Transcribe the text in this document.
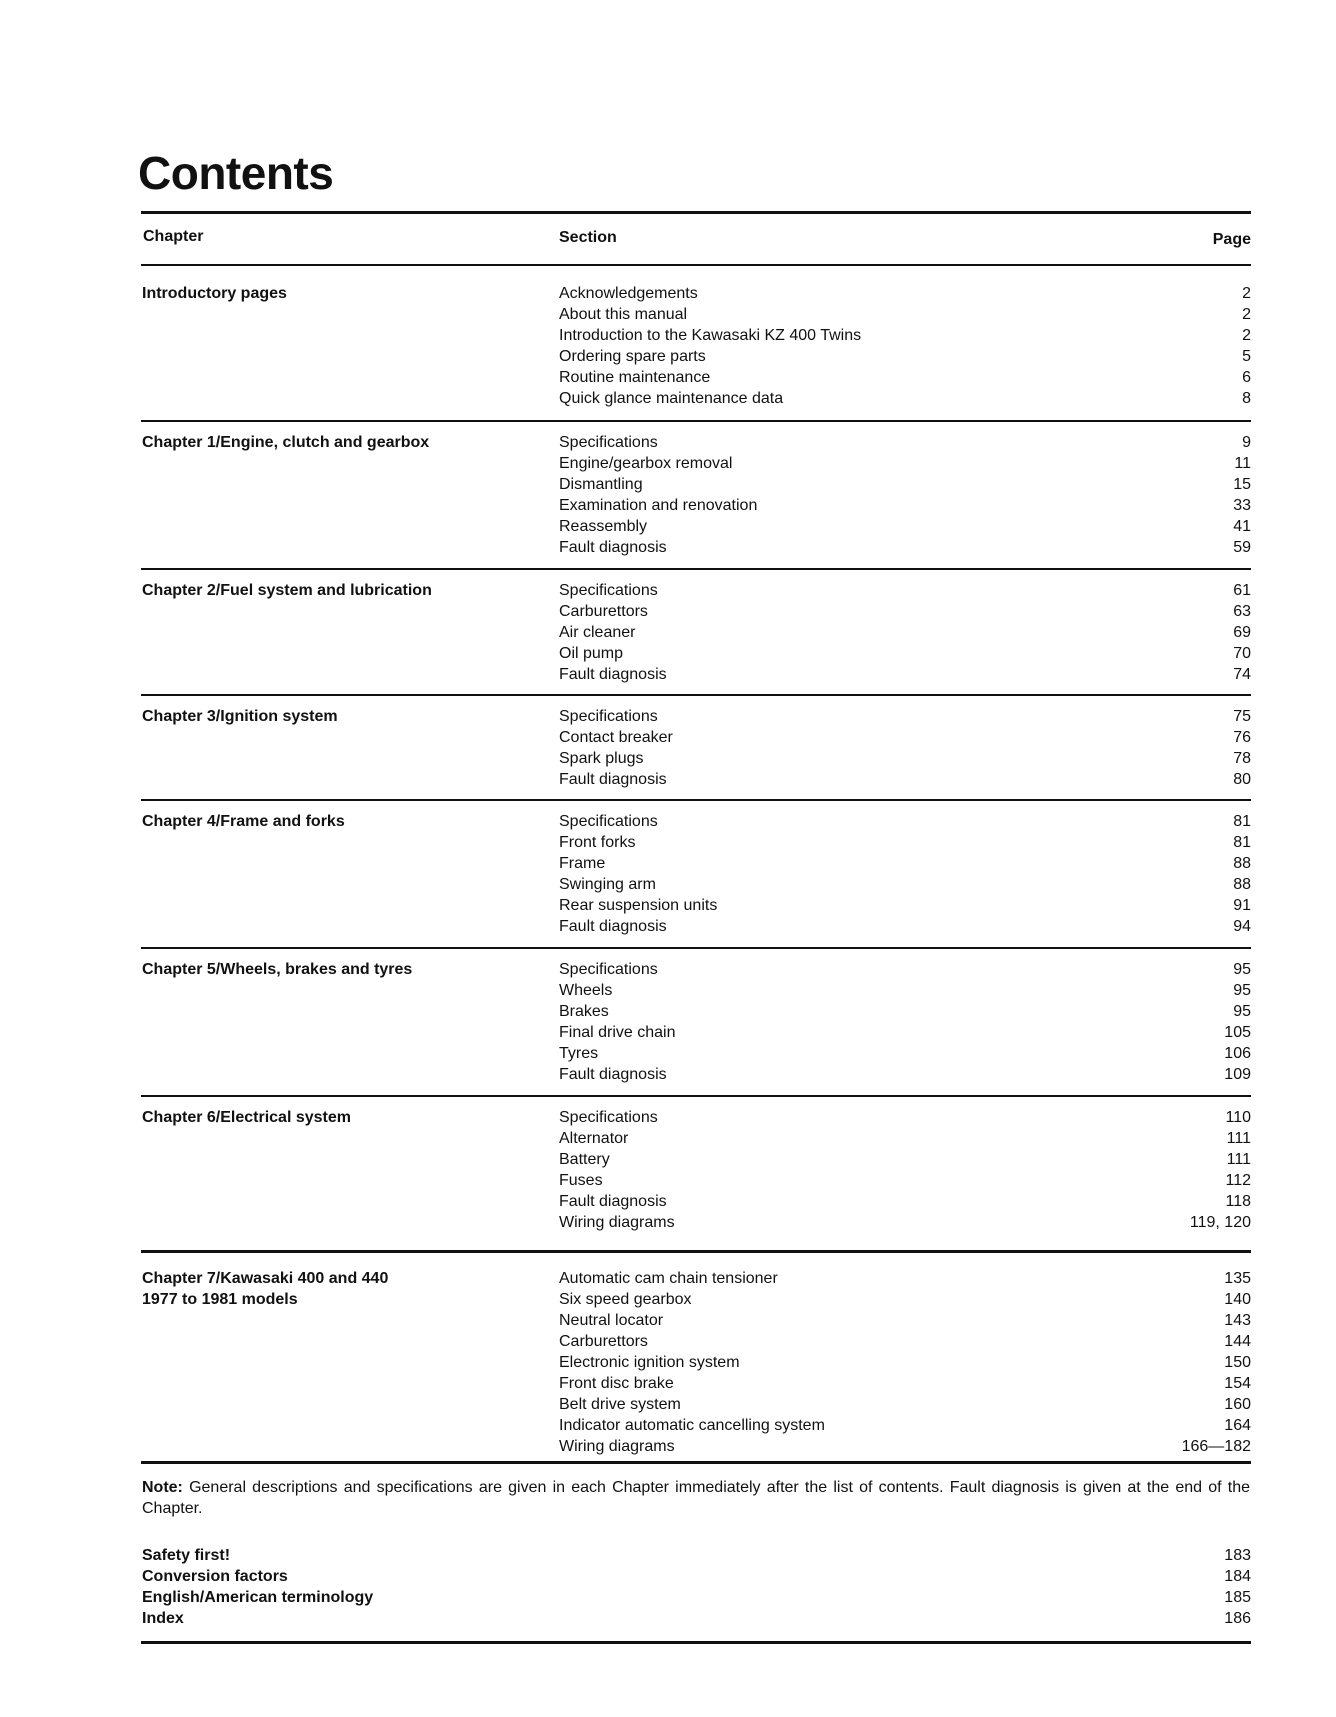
Contents
Chapter	Section	Page
Introductory pages	Acknowledgements	2
About this manual	2
Introduction to the Kawasaki KZ 400 Twins	2
Ordering spare parts	5
Routine maintenance	6
Quick glance maintenance data	8
Chapter 1/Engine, clutch and gearbox	Specifications	9
Engine/gearbox removal	11
Dismantling	15
Examination and renovation	33
Reassembly	41
Fault diagnosis	59
Chapter 2/Fuel system and lubrication	Specifications	61
Carburettors	63
Air cleaner	69
Oil pump	70
Fault diagnosis	74
Chapter 3/Ignition system	Specifications	75
Contact breaker	76
Spark plugs	78
Fault diagnosis	80
Chapter 4/Frame and forks	Specifications	81
Front forks	81
Frame	88
Swinging arm	88
Rear suspension units	91
Fault diagnosis	94
Chapter 5/Wheels, brakes and tyres	Specifications	95
Wheels	95
Brakes	95
Final drive chain	105
Tyres	106
Fault diagnosis	109
Chapter 6/Electrical system	Specifications	110
Alternator	111
Battery	111
Fuses	112
Fault diagnosis	118
Wiring diagrams	119, 120
Chapter 7/Kawasaki 400 and 440
1977 to 1981 models
Automatic cam chain tensioner	135
Six speed gearbox	140
Neutral locator	143
Carburettors	144
Electronic ignition system	150
Front disc brake	154
Belt drive system	160
Indicator automatic cancelling system	164
Wiring diagrams	166—182
Note: General descriptions and specifications are given in each Chapter immediately after the list of contents. Fault diagnosis is given at the end of the Chapter.
Safety first!	183
Conversion factors	184
English/American terminology	185
Index	186
